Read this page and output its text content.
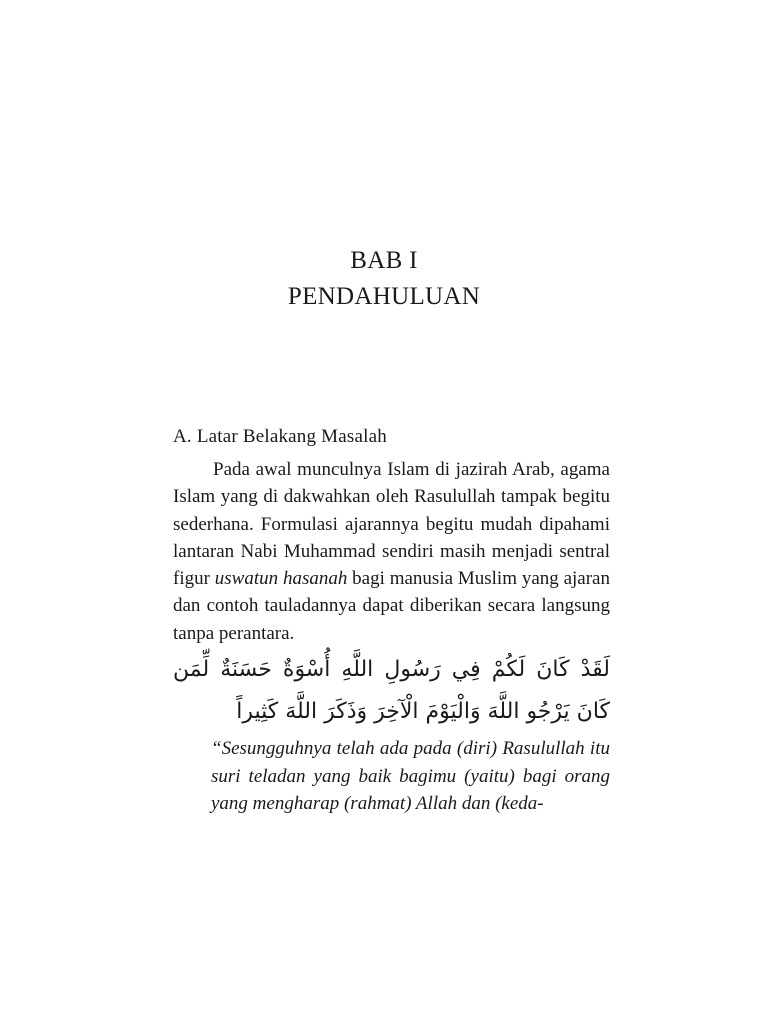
BAB I
PENDAHULUAN
A. Latar Belakang Masalah

Pada awal munculnya Islam di jazirah Arab, agama Islam yang di dakwahkan oleh Rasulullah tampak begitu sederhana. Formulasi ajarannya begitu mudah dipahami lantaran Nabi Muhammad sendiri masih menjadi sentral figur uswatun hasanah bagi manusia Muslim yang ajaran dan contoh tauladannya dapat diberikan secara langsung tanpa perantara.

لَقَدْ كَانَ لَكُمْ فِي رَسُولِ اللَّهِ أُسْوَةٌ حَسَنَةٌ لِّمَن كَانَ يَرْجُو اللَّهَ وَالْيَوْمَ الْآخِرَ وَذَكَرَ اللَّهَ كَثِيراً
“Sesungguhnya telah ada pada (diri) Rasulullah itu suri teladan yang baik bagimu (yaitu) bagi orang yang mengharap (rahmat) Allah dan (keda-
